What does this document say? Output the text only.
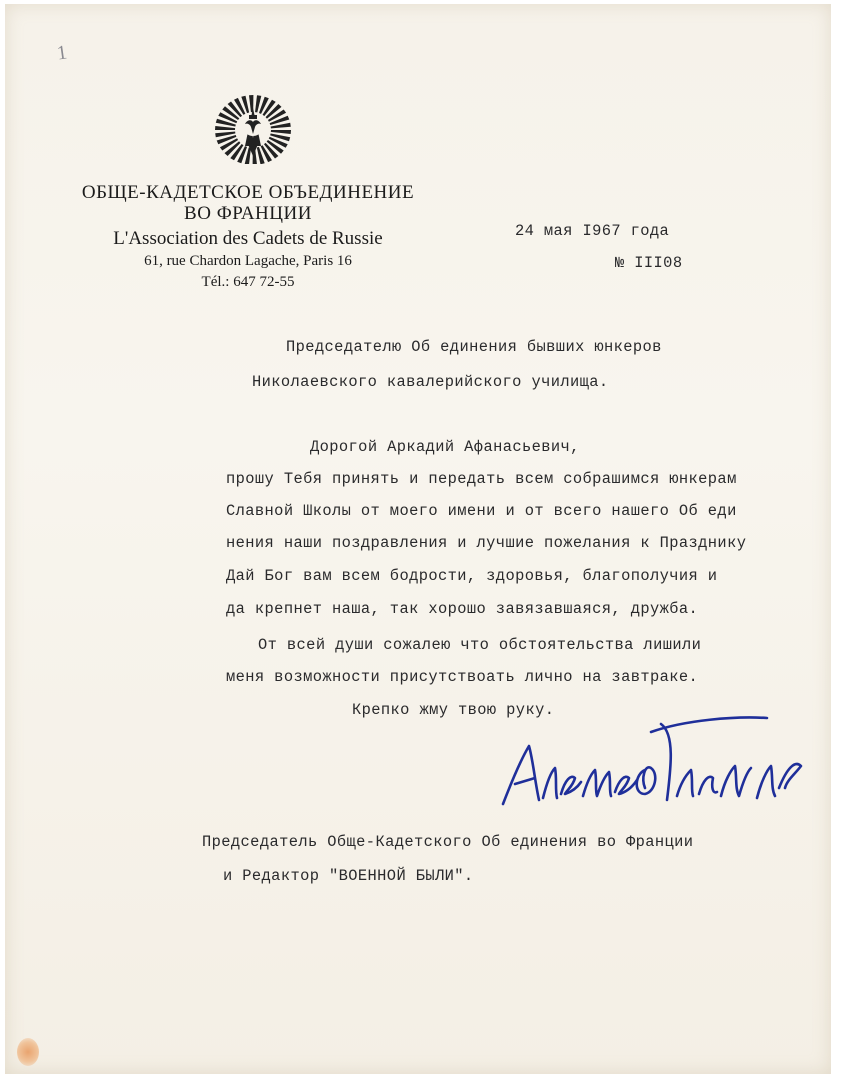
1
ОБЩЕ-КАДЕТСКОЕ ОБЪЕДИНЕНИЕ
ВО ФРАНЦИИ
L'Association des Cadets de Russie
61, rue Chardon Lagache, Paris 16
Tél.: 647 72-55
24 мая I967 года
№ III08
Председателю Об единения бывших юнкеров
Николаевского кавалерийского училища.
Дорогой Аркадий Афанасьевич,
прошу Тебя принять и передать всем собрашимся юнкерам
Славной Школы от моего имени и от всего нашего Об еди
нения наши поздравления и лучшие пожелания к Празднику
Дай Бог вам всем бодрости, здоровья, благополучия и
да крепнет наша, так хорошо завязавшаяся, дружба.
От всей души сожалею что обстоятельства лишили
меня возможности присутствоать лично на завтраке.
Крепко жму твою руку.
Председатель Обще-Кадетского Об единения во Франции
и Редактор "ВОЕННОЙ БЫЛИ".
